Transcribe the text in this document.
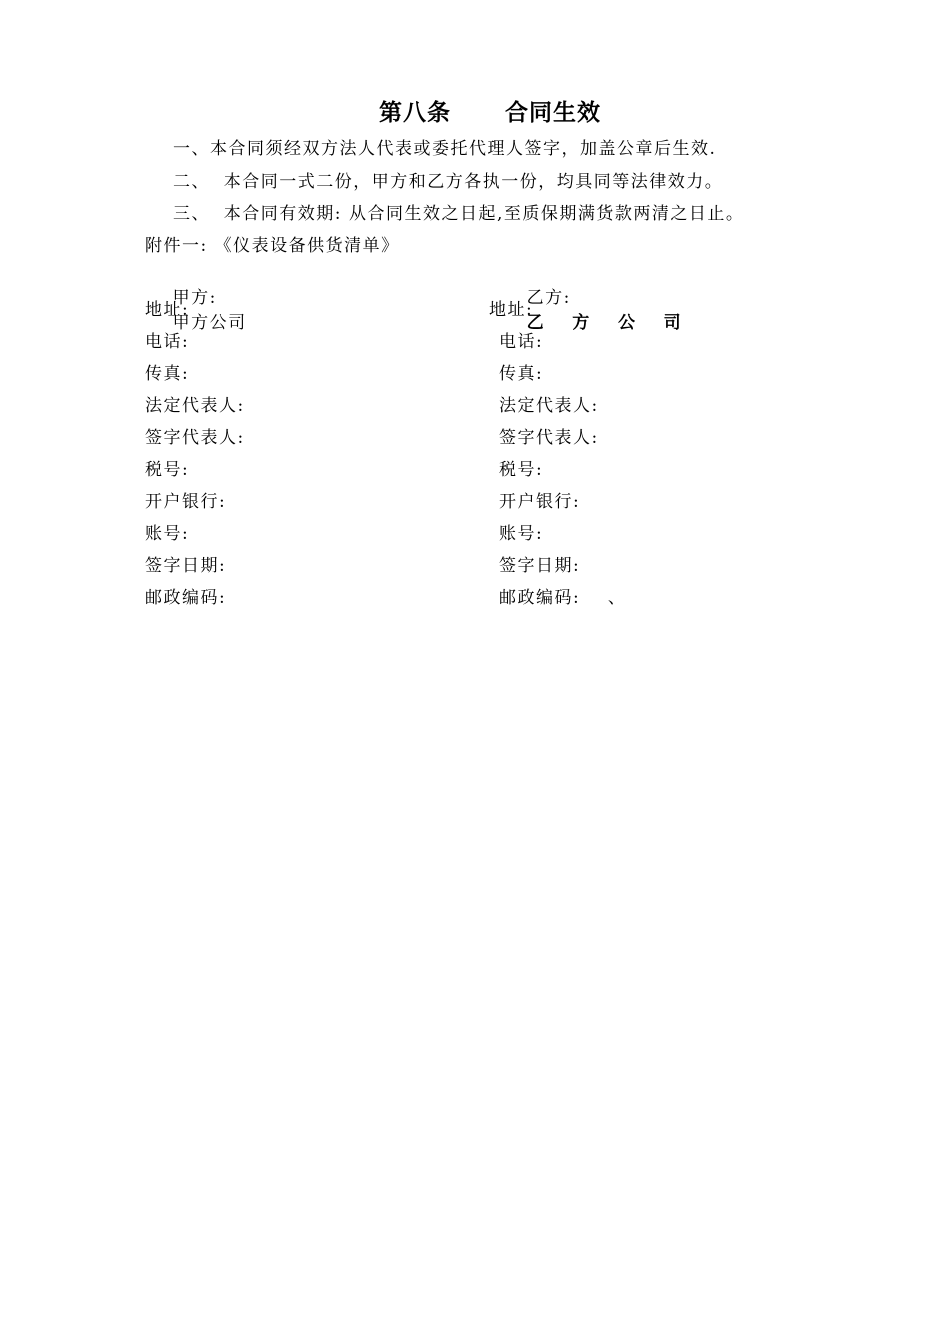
第八条      合同生效
一、本合同须经双方法人代表或委托代理人签字，加盖公章后生效.
二、  本合同一式二份，甲方和乙方各执一份，均具同等法律效力。
三、  本合同有效期: 从合同生效之日起,至质保期满货款两清之日止。
附件一: 《仪表设备供货清单》

甲方:
甲方公司

地址:
电话:
传真:
法定代表人:
签字代表人:
税号:
开户银行:
账号:
签字日期:
邮政编码:

乙方:
乙    方    公    司

地址:
电话:
传真:
法定代表人:
签字代表人:
税号:
开户银行:
账号:
签字日期:
邮政编码:    、
